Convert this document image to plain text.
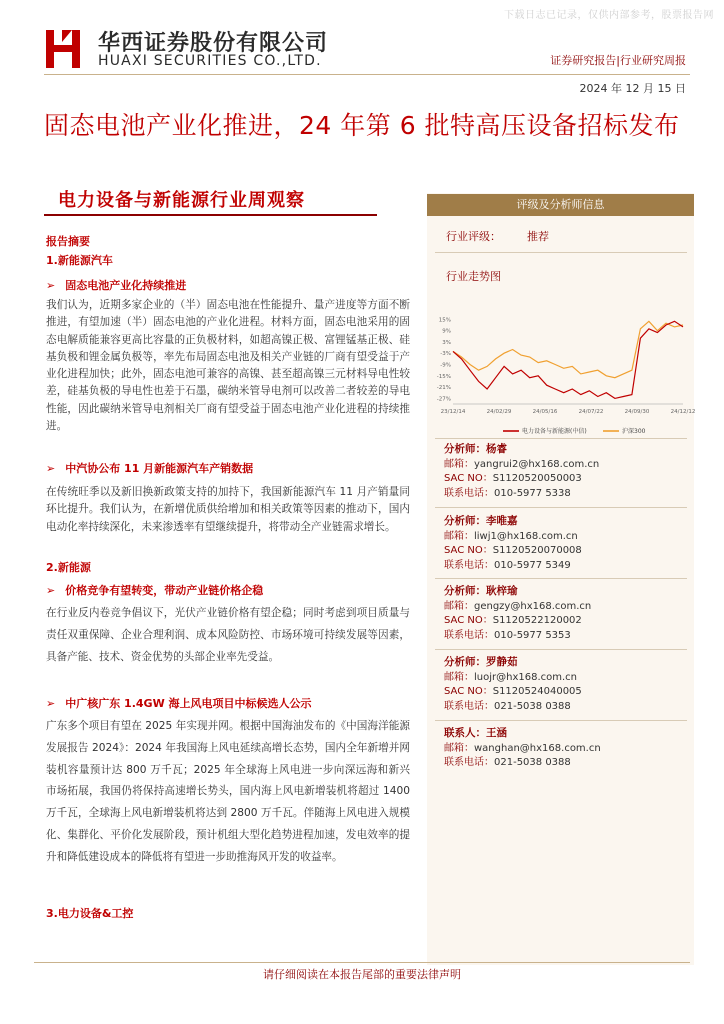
下载日志已记录，仅供内部参考，股票报告网
华西证券股份有限公司
HUAXI SECURITIES CO.,LTD.	证券研究报告|行业研究周报
2024 年 12 月 15 日
固态电池产业化推进，24 年第 6 批特高压设备招标发布
电力设备与新能源行业周观察
报告摘要
1.新能源汽车
➢ 固态电池产业化持续推进
我们认为，近期多家企业的（半）固态电池在性能提升、量产进度等方面不断推进，有望加速（半）固态电池的产业化进程。材料方面，固态电池采用的固态电解质能兼容更高比容量的正负极材料，如超高镍正极、富锂锰基正极、硅基负极和锂金属负极等，率先布局固态电池及相关产业链的厂商有望受益于产业化进程加快；此外，固态电池可兼容的高镍、甚至超高镍三元材料导电性较差，硅基负极的导电性也差于石墨，碳纳米管导电剂可以改善二者较差的导电性能，因此碳纳米管导电剂相关厂商有望受益于固态电池产业化进程的持续推进。
➢ 中汽协公布 11 月新能源汽车产销数据
在传统旺季以及新旧换新政策支持的加持下，我国新能源汽车 11 月产销量同环比提升。我们认为，在新增优质供给增加和相关政策等因素的推动下，国内电动化率持续深化，未来渗透率有望继续提升，将带动全产业链需求增长。
2.新能源
➢ 价格竞争有望转变，带动产业链价格企稳
在行业反内卷竞争倡议下，光伏产业链价格有望企稳；同时考虑到项目质量与责任双重保障、企业合理利润、成本风险防控、市场环境可持续发展等因素，具备产能、技术、资金优势的头部企业率先受益。
➢ 中广核广东 1.4GW 海上风电项目中标候选人公示
广东多个项目有望在 2025 年实现并网。根据中国海油发布的《中国海洋能源发展报告 2024》：2024 年我国海上风电延续高增长态势，国内全年新增并网装机容量预计达 800 万千瓦；2025 年全球海上风电进一步向深远海和新兴市场拓展，我国仍将保持高速增长势头，国内海上风电新增装机将超过 1400 万千瓦，全球海上风电新增装机将达到 2800 万千瓦。伴随海上风电进入规模化、集群化、平价化发展阶段，预计机组大型化趋势进程加速，发电效率的提升和降低建设成本的降低将有望进一步助推海风开发的收益率。
3.电力设备&工控
评级及分析师信息
行业评级： 推荐
行业走势图
15%
9%
3%
-3%
-9%
-15%
-21%
-27%
23/12/14	24/02/29	24/05/16	24/07/22	24/09/30	24/12/12
电力设备与新能源(中信)	沪深300
分析师：杨睿
邮箱：yangrui2@hx168.com.cn
SAC NO：S1120520050003
联系电话：010-5977 5338
分析师：李唯嘉
邮箱：liwj1@hx168.com.cn
SAC NO：S1120520070008
联系电话：010-5977 5349
分析师：耿梓瑜
邮箱：gengzy@hx168.com.cn
SAC NO：S1120522120002
联系电话：010-5977 5353
分析师：罗静茹
邮箱：luojr@hx168.com.cn
SAC NO：S1120524040005
联系电话：021-5038 0388
联系人：王涵
邮箱：wanghan@hx168.com.cn
联系电话：021-5038 0388
请仔细阅读在本报告尾部的重要法律声明
